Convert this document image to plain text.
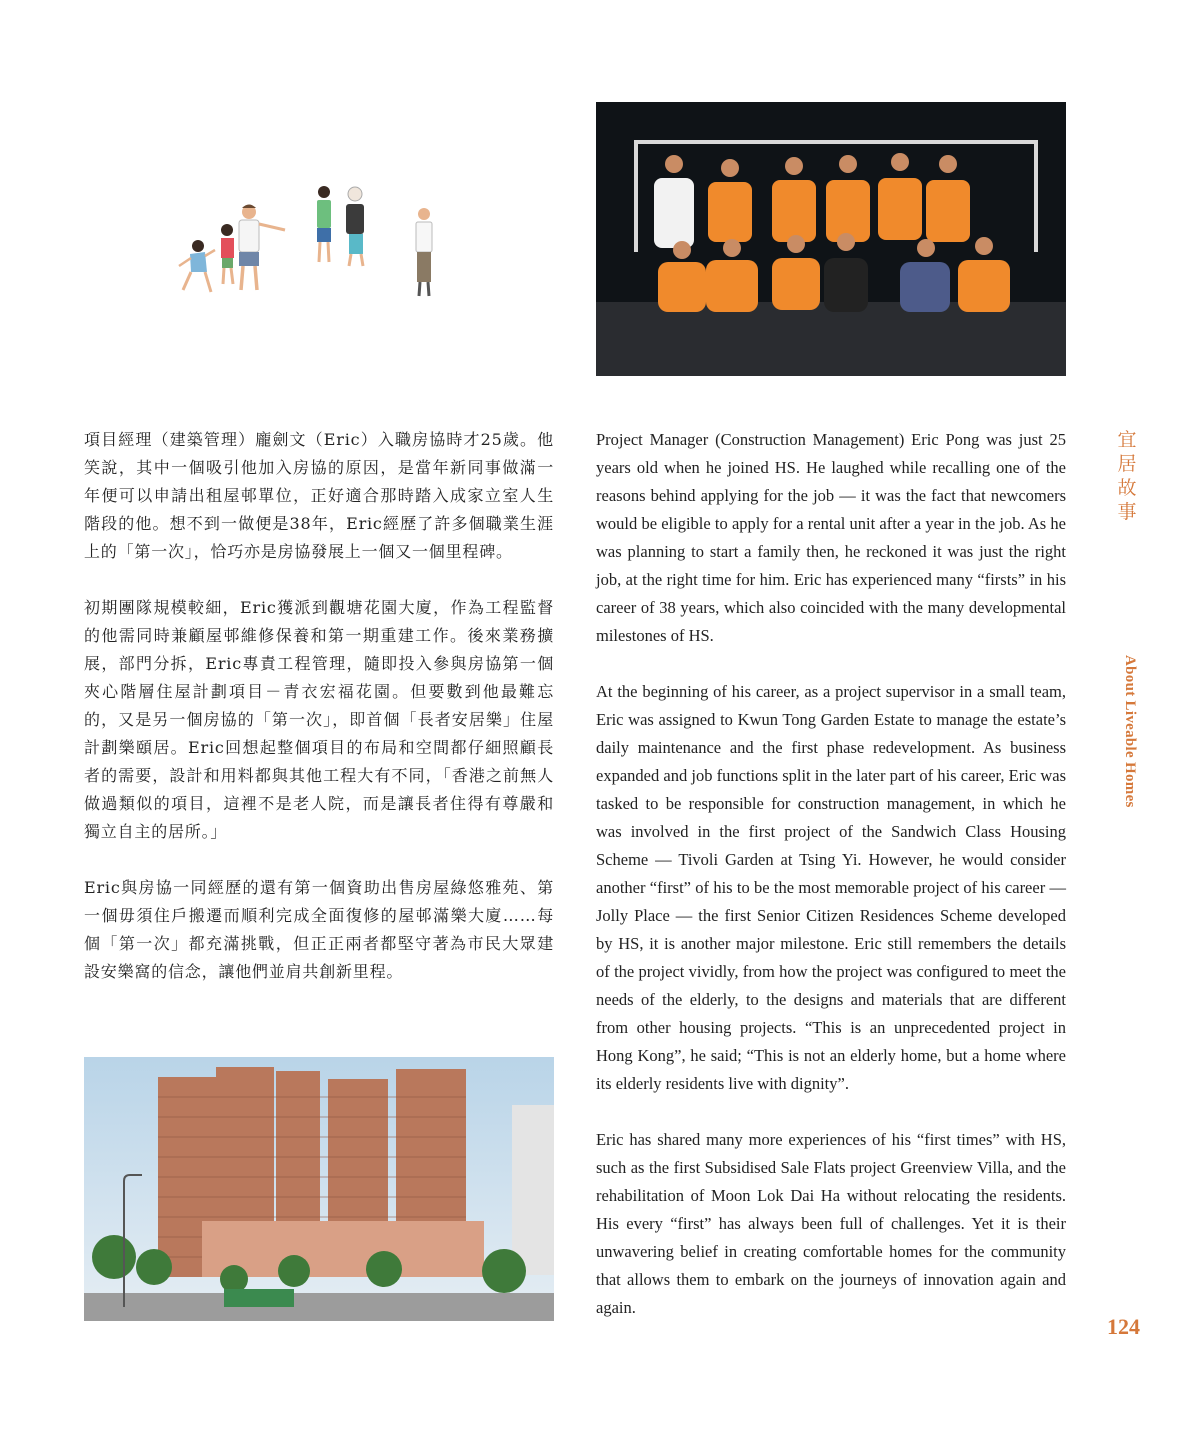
項目經理（建築管理）龐劍文（Eric）入職房協時才25歲。他笑說，其中一個吸引他加入房協的原因，是當年新同事做滿一年便可以申請出租屋邨單位，正好適合那時踏入成家立室人生階段的他。想不到一做便是38年，Eric經歷了許多個職業生涯上的「第一次」，恰巧亦是房協發展上一個又一個里程碑。

初期團隊規模較細，Eric獲派到觀塘花園大廈，作為工程監督的他需同時兼顧屋邨維修保養和第一期重建工作。後來業務擴展，部門分拆，Eric專責工程管理，隨即投入參與房協第一個夾心階層住屋計劃項目－青衣宏福花園。但要數到他最難忘的，又是另一個房協的「第一次」，即首個「長者安居樂」住屋計劃樂頤居。Eric回想起整個項目的布局和空間都仔細照顧長者的需要，設計和用料都與其他工程大有不同，「香港之前無人做過類似的項目，這裡不是老人院，而是讓長者住得有尊嚴和獨立自主的居所。」

Eric與房協一同經歷的還有第一個資助出售房屋綠悠雅苑、第一個毋須住戶搬遷而順利完成全面復修的屋邨滿樂大廈……每個「第一次」都充滿挑戰，但正正兩者都堅守著為市民大眾建設安樂窩的信念，讓他們並肩共創新里程。

Project Manager (Construction Management) Eric Pong was just 25 years old when he joined HS. He laughed while recalling one of the reasons behind applying for the job — it was the fact that newcomers would be eligible to apply for a rental unit after a year in the job. As he was planning to start a family then, he reckoned it was just the right job, at the right time for him. Eric has experienced many “firsts” in his career of 38 years, which also coincided with the many developmental milestones of HS.

At the beginning of his career, as a project supervisor in a small team, Eric was assigned to Kwun Tong Garden Estate to manage the estate’s daily maintenance and the first phase redevelopment. As business expanded and job functions split in the later part of his career, Eric was tasked to be responsible for construction management, in which he was involved in the first project of the Sandwich Class Housing Scheme — Tivoli Garden at Tsing Yi. However, he would consider another “first” of his to be the most memorable project of his career — Jolly Place — the first Senior Citizen Residences Scheme developed by HS, it is another major milestone. Eric still remembers the details of the project vividly, from how the project was configured to meet the needs of the elderly, to the designs and materials that are different from other housing projects. “This is an unprecedented project in Hong Kong”, he said; “This is not an elderly home, but a home where its elderly residents live with dignity”.

Eric has shared many more experiences of his “first times” with HS, such as the first Subsidised Sale Flats project Greenview Villa, and the rehabilitation of Moon Lok Dai Ha without relocating the residents. His every “first” has always been full of challenges. Yet it is their unwavering belief in creating comfortable homes for the community that allows them to embark on the journeys of innovation again and again.

宜居故事
About Liveable Homes
124
